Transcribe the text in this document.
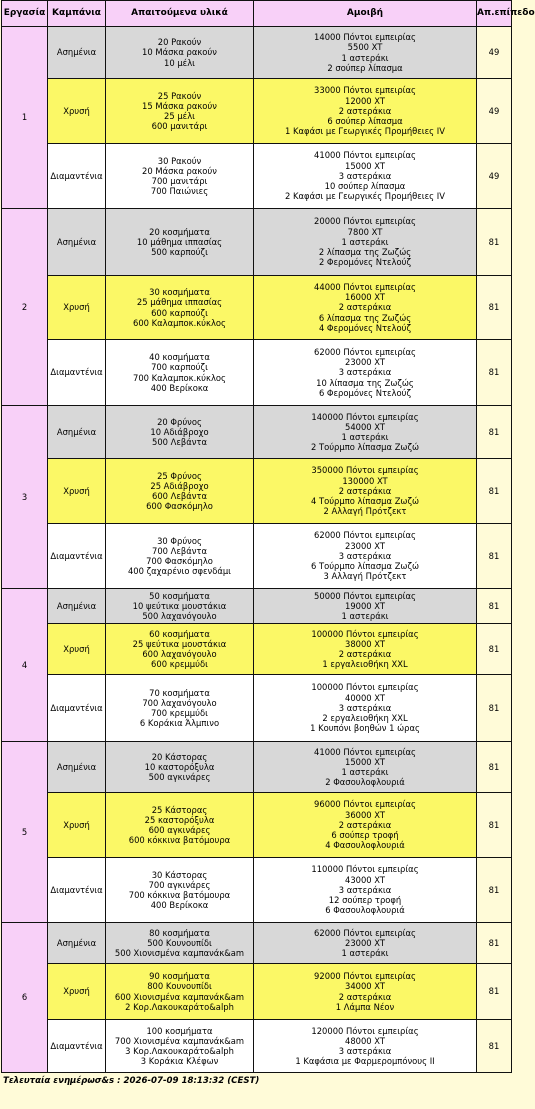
Εργασία	Καμπάνια	Απαιτούμενα υλικά	Αμοιβή	Απ.επίπεδο
1	Ασημένια	20 Ρακούν
10 Μάσκα ρακούν
10 μέλι	14000 Πόντοι εμπειρίας
5500 XT
1 αστεράκι
2 σούπερ λίπασμα	49
	Χρυσή	25 Ρακούν
15 Μάσκα ρακούν
25 μέλι
600 μανιτάρι	33000 Πόντοι εμπειρίας
12000 XT
2 αστεράκια
6 σούπερ λίπασμα
1 Καφάσι με Γεωργικές Προμήθειες IV	49
	Διαμαντένια	30 Ρακούν
20 Μάσκα ρακούν
700 μανιτάρι
700 Παιώνιες	41000 Πόντοι εμπειρίας
15000 XT
3 αστεράκια
10 σούπερ λίπασμα
2 Καφάσι με Γεωργικές Προμήθειες IV	49
2	Ασημένια	20 κοσμήματα
10 μάθημα ιππασίας
500 καρπούζι	20000 Πόντοι εμπειρίας
7800 XT
1 αστεράκι
2 λίπασμα της Ζωζώς
2 Φερομόνες Ντελούζ	81
	Χρυσή	30 κοσμήματα
25 μάθημα ιππασίας
600 καρπούζι
600 Καλαμποκ.κύκλος	44000 Πόντοι εμπειρίας
16000 XT
2 αστεράκια
6 λίπασμα της Ζωζώς
4 Φερομόνες Ντελούζ	81
	Διαμαντένια	40 κοσμήματα
700 καρπούζι
700 Καλαμποκ.κύκλος
400 Βερίκοκα	62000 Πόντοι εμπειρίας
23000 XT
3 αστεράκια
10 λίπασμα της Ζωζώς
6 Φερομόνες Ντελούζ	81
3	Ασημένια	20 Φρύνος
10 Αδιάβροχο
500 Λεβάντα	140000 Πόντοι εμπειρίας
54000 XT
1 αστεράκι
2 Τούρμπο λίπασμα Ζωζώ	81
	Χρυσή	25 Φρύνος
25 Αδιάβροχο
600 Λεβάντα
600 Φασκόμηλο	350000 Πόντοι εμπειρίας
130000 XT
2 αστεράκια
4 Τούρμπο λίπασμα Ζωζώ
2 Αλλαγή Πρότζεκτ	81
	Διαμαντένια	30 Φρύνος
700 Λεβάντα
700 Φασκόμηλο
400 ζαχαρένιο σφενδάμι	62000 Πόντοι εμπειρίας
23000 XT
3 αστεράκια
6 Τούρμπο λίπασμα Ζωζώ
3 Αλλαγή Πρότζεκτ	81
4	Ασημένια	50 κοσμήματα
10 ψεύτικα μουστάκια
500 λαχανόγουλο	50000 Πόντοι εμπειρίας
19000 XT
1 αστεράκι	81
	Χρυσή	60 κοσμήματα
25 ψεύτικα μουστάκια
600 λαχανόγουλο
600 κρεμμύδι	100000 Πόντοι εμπειρίας
38000 XT
2 αστεράκια
1 εργαλειοθήκη XXL	81
	Διαμαντένια	70 κοσμήματα
700 λαχανόγουλο
700 κρεμμύδι
6 Κοράκια Άλμπινο	100000 Πόντοι εμπειρίας
40000 XT
3 αστεράκια
2 εργαλειοθήκη XXL
1 Κουπόνι βοηθών 1 ώρας	81
5	Ασημένια	20 Κάστορας
10 καστορόξυλα
500 αγκινάρες	41000 Πόντοι εμπειρίας
15000 XT
1 αστεράκι
2 Φασουλοφλουριά	81
	Χρυσή	25 Κάστορας
25 καστορόξυλα
600 αγκινάρες
600 κόκκινα βατόμουρα	96000 Πόντοι εμπειρίας
36000 XT
2 αστεράκια
6 σούπερ τροφή
4 Φασουλοφλουριά	81
	Διαμαντένια	30 Κάστορας
700 αγκινάρες
700 κόκκινα βατόμουρα
400 Βερίκοκα	110000 Πόντοι εμπειρίας
43000 XT
3 αστεράκια
12 σούπερ τροφή
6 Φασουλοφλουριά	81
6	Ασημένια	80 κοσμήματα
500 Κουνουπίδι
500 Χιονισμένα καμπανάκ&am	62000 Πόντοι εμπειρίας
23000 XT
1 αστεράκι	81
	Χρυσή	90 κοσμήματα
800 Κουνουπίδι
600 Χιονισμένα καμπανάκ&am
2 Κορ.Λακουκαράτο&alph	92000 Πόντοι εμπειρίας
34000 XT
2 αστεράκια
1 Λάμπα Νέον	81
	Διαμαντένια	100 κοσμήματα
700 Χιονισμένα καμπανάκ&am
3 Κορ.Λακουκαράτο&alph
3 Κοράκια Κλέφων	120000 Πόντοι εμπειρίας
48000 XT
3 αστεράκια
1 Καφάσια με Φαρμερομπόνους II	81
Τελευταία ενημέρωσ&s : 2026-07-09 18:13:32 (CEST)
